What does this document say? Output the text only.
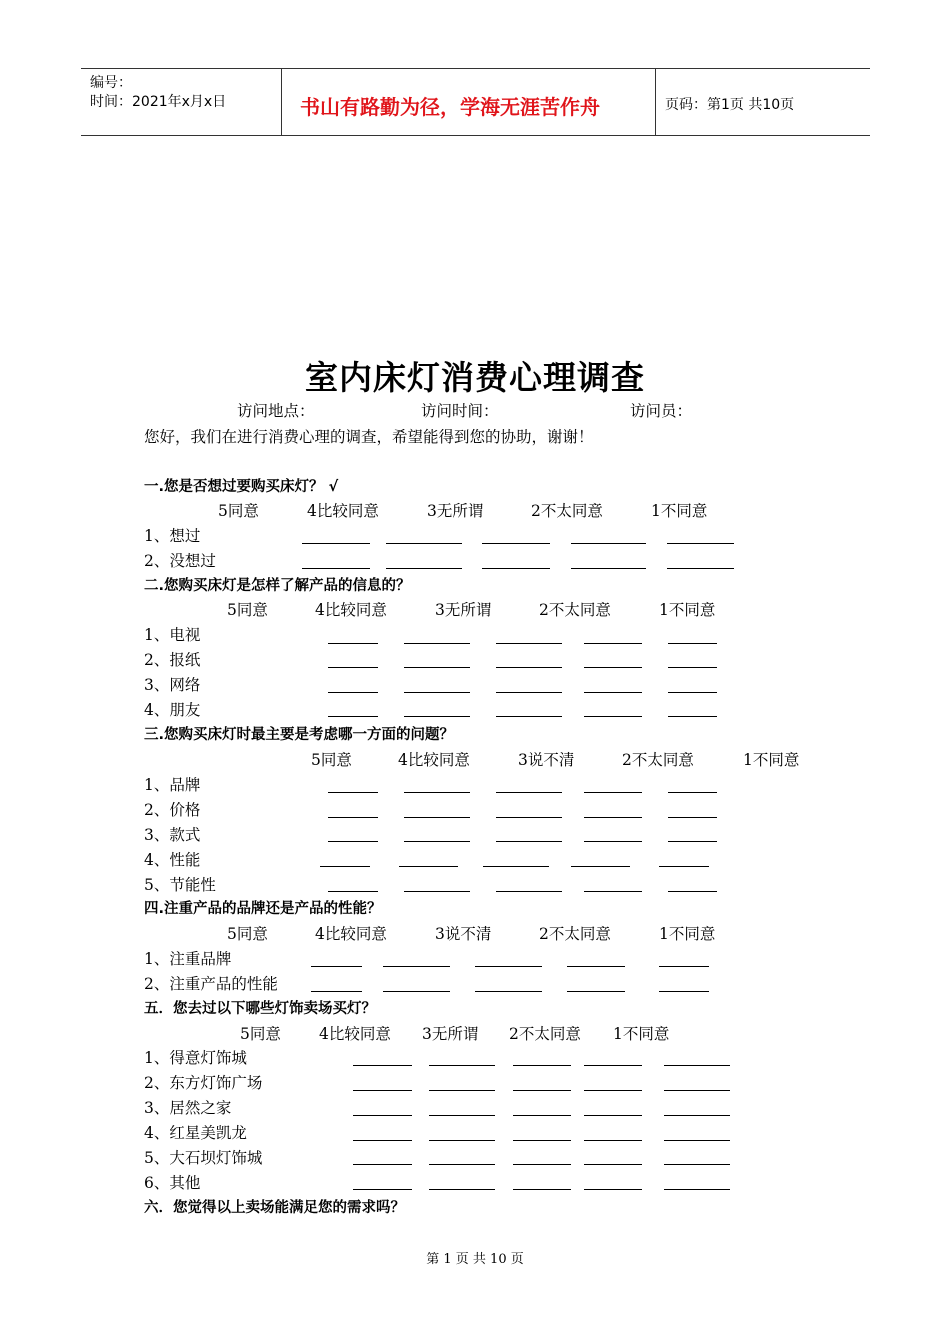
编号：
时间：2021年x月x日	书山有路勤为径，学海无涯苦作舟	页码：第1页 共10页
室内床灯消费心理调查
访问地点：	访问时间：	访问员：
您好，我们在进行消费心理的调查，希望能得到您的协助，谢谢！
一.您是否想过要购买床灯？ √
5同意	4比较同意	3无所谓	2不太同意	1不同意
1、想过
2、没想过
二.您购买床灯是怎样了解产品的信息的？
5同意	4比较同意	3无所谓	2不太同意	1不同意
1、电视
2、报纸
3、网络
4、朋友
三.您购买床灯时最主要是考虑哪一方面的问题？
5同意	4比较同意	3说不清	2不太同意	1不同意
1、品牌
2、价格
3、款式
4、性能
5、节能性
四.注重产品的品牌还是产品的性能？
5同意	4比较同意	3说不清	2不太同意	1不同意
1、注重品牌
2、注重产品的性能
五．您去过以下哪些灯饰卖场买灯？
5同意 4比较同意 3无所谓 2不太同意 1不同意
1、得意灯饰城
2、东方灯饰广场
3、居然之家
4、红星美凯龙
5、大石坝灯饰城
6、其他
六．您觉得以上卖场能满足您的需求吗？
第 1 页 共 10 页
